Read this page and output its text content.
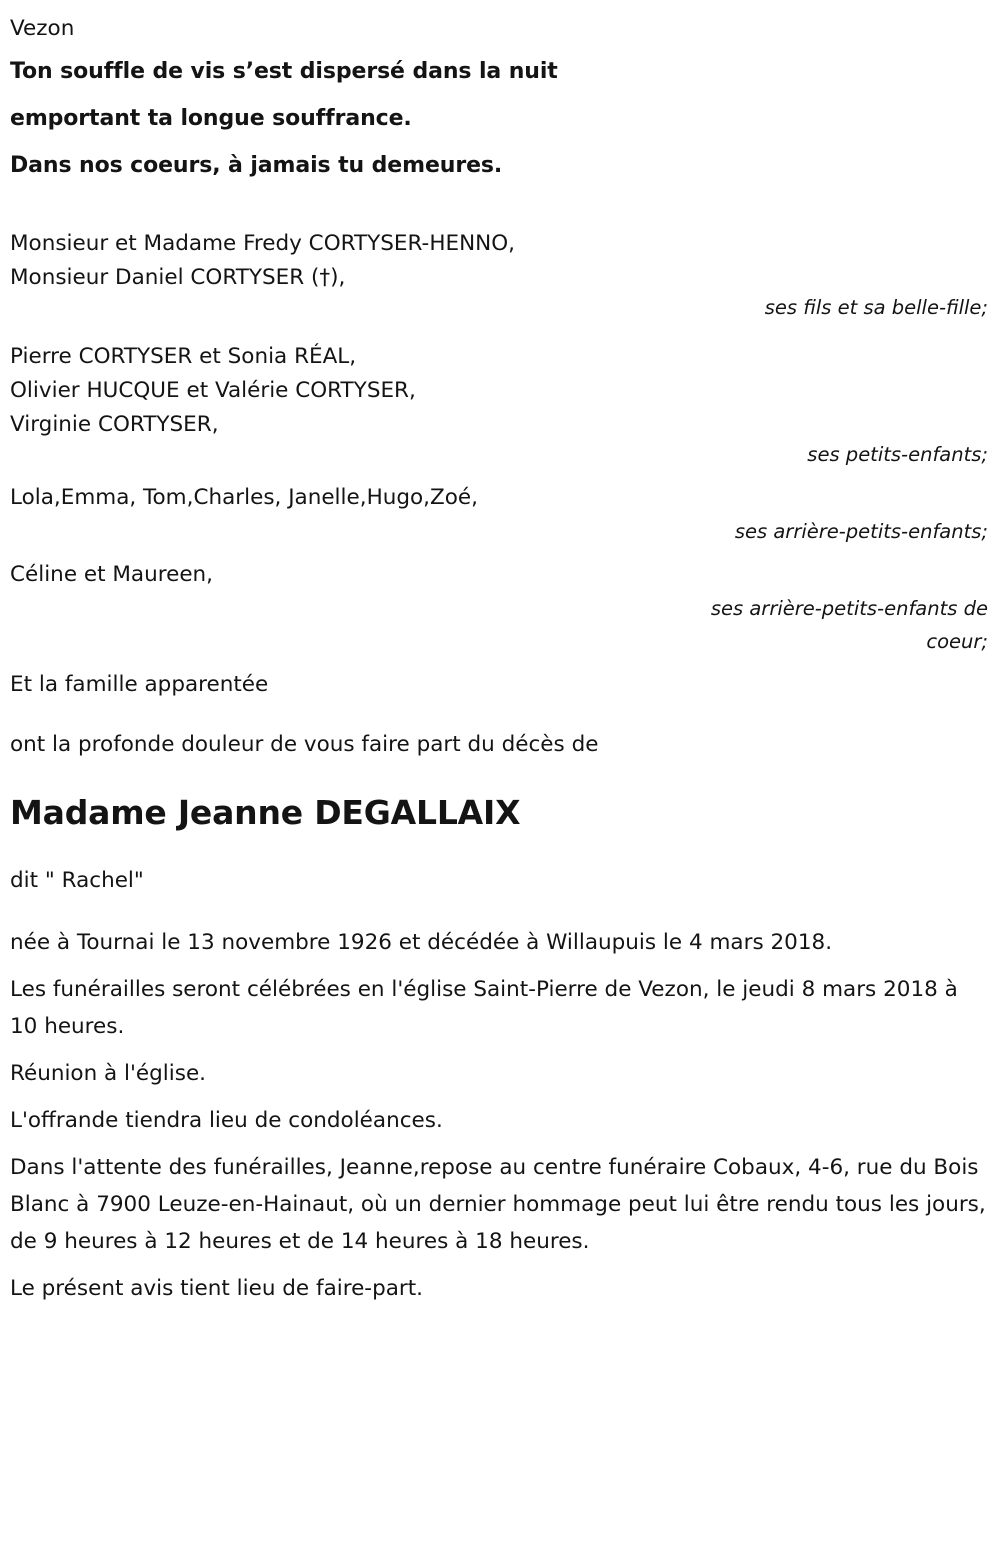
Vezon
Ton souffle de vis s’est dispersé dans la nuit
emportant ta longue souffrance.
Dans nos coeurs, à jamais tu demeures.
Monsieur et Madame Fredy CORTYSER-HENNO,
Monsieur Daniel CORTYSER (†),
ses fils et sa belle-fille;
Pierre CORTYSER et Sonia RÉAL,
Olivier HUCQUE et Valérie CORTYSER,
Virginie CORTYSER,
ses petits-enfants;
Lola,Emma, Tom,Charles, Janelle,Hugo,Zoé,
ses arrière-petits-enfants;
Céline et Maureen,
ses arrière-petits-enfants de coeur;
Et la famille apparentée
ont la profonde douleur de vous faire part du décès de
Madame Jeanne DEGALLAIX
dit " Rachel"
née à Tournai le 13 novembre 1926 et décédée à Willaupuis le 4 mars 2018.
Les funérailles seront célébrées en l'église Saint-Pierre de Vezon, le jeudi 8 mars 2018 à 10 heures.
Réunion à l'église.
L'offrande tiendra lieu de condoléances.
Dans l'attente des funérailles, Jeanne,repose au centre funéraire Cobaux, 4-6, rue du Bois Blanc à 7900 Leuze-en-Hainaut, où un dernier hommage peut lui être rendu tous les jours, de 9 heures à 12 heures et de 14 heures à 18 heures.
Le présent avis tient lieu de faire-part.
